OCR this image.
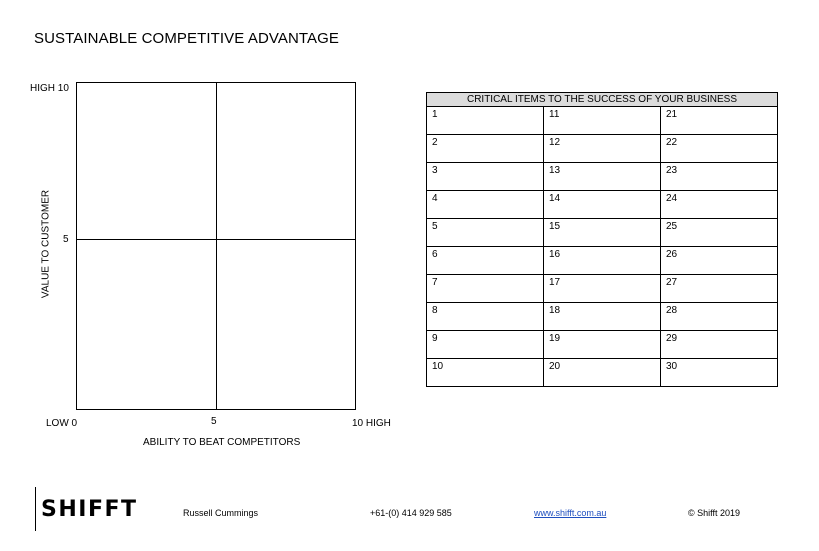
SUSTAINABLE COMPETITIVE ADVANTAGE
HIGH 10
5
LOW 0	5	10 HIGH
ABILITY TO BEAT COMPETITORS
VALUE TO CUSTOMER
CRITICAL ITEMS TO THE SUCCESS OF YOUR BUSINESS		
1	11	21
2	12	22
3	13	23
4	14	24
5	15	25
6	16	26
7	17	27
8	18	28
9	19	29
10	20	30
SHIFFT	Russell Cummings	+61-(0) 414 929 585	www.shifft.com.au	© Shifft 2019
